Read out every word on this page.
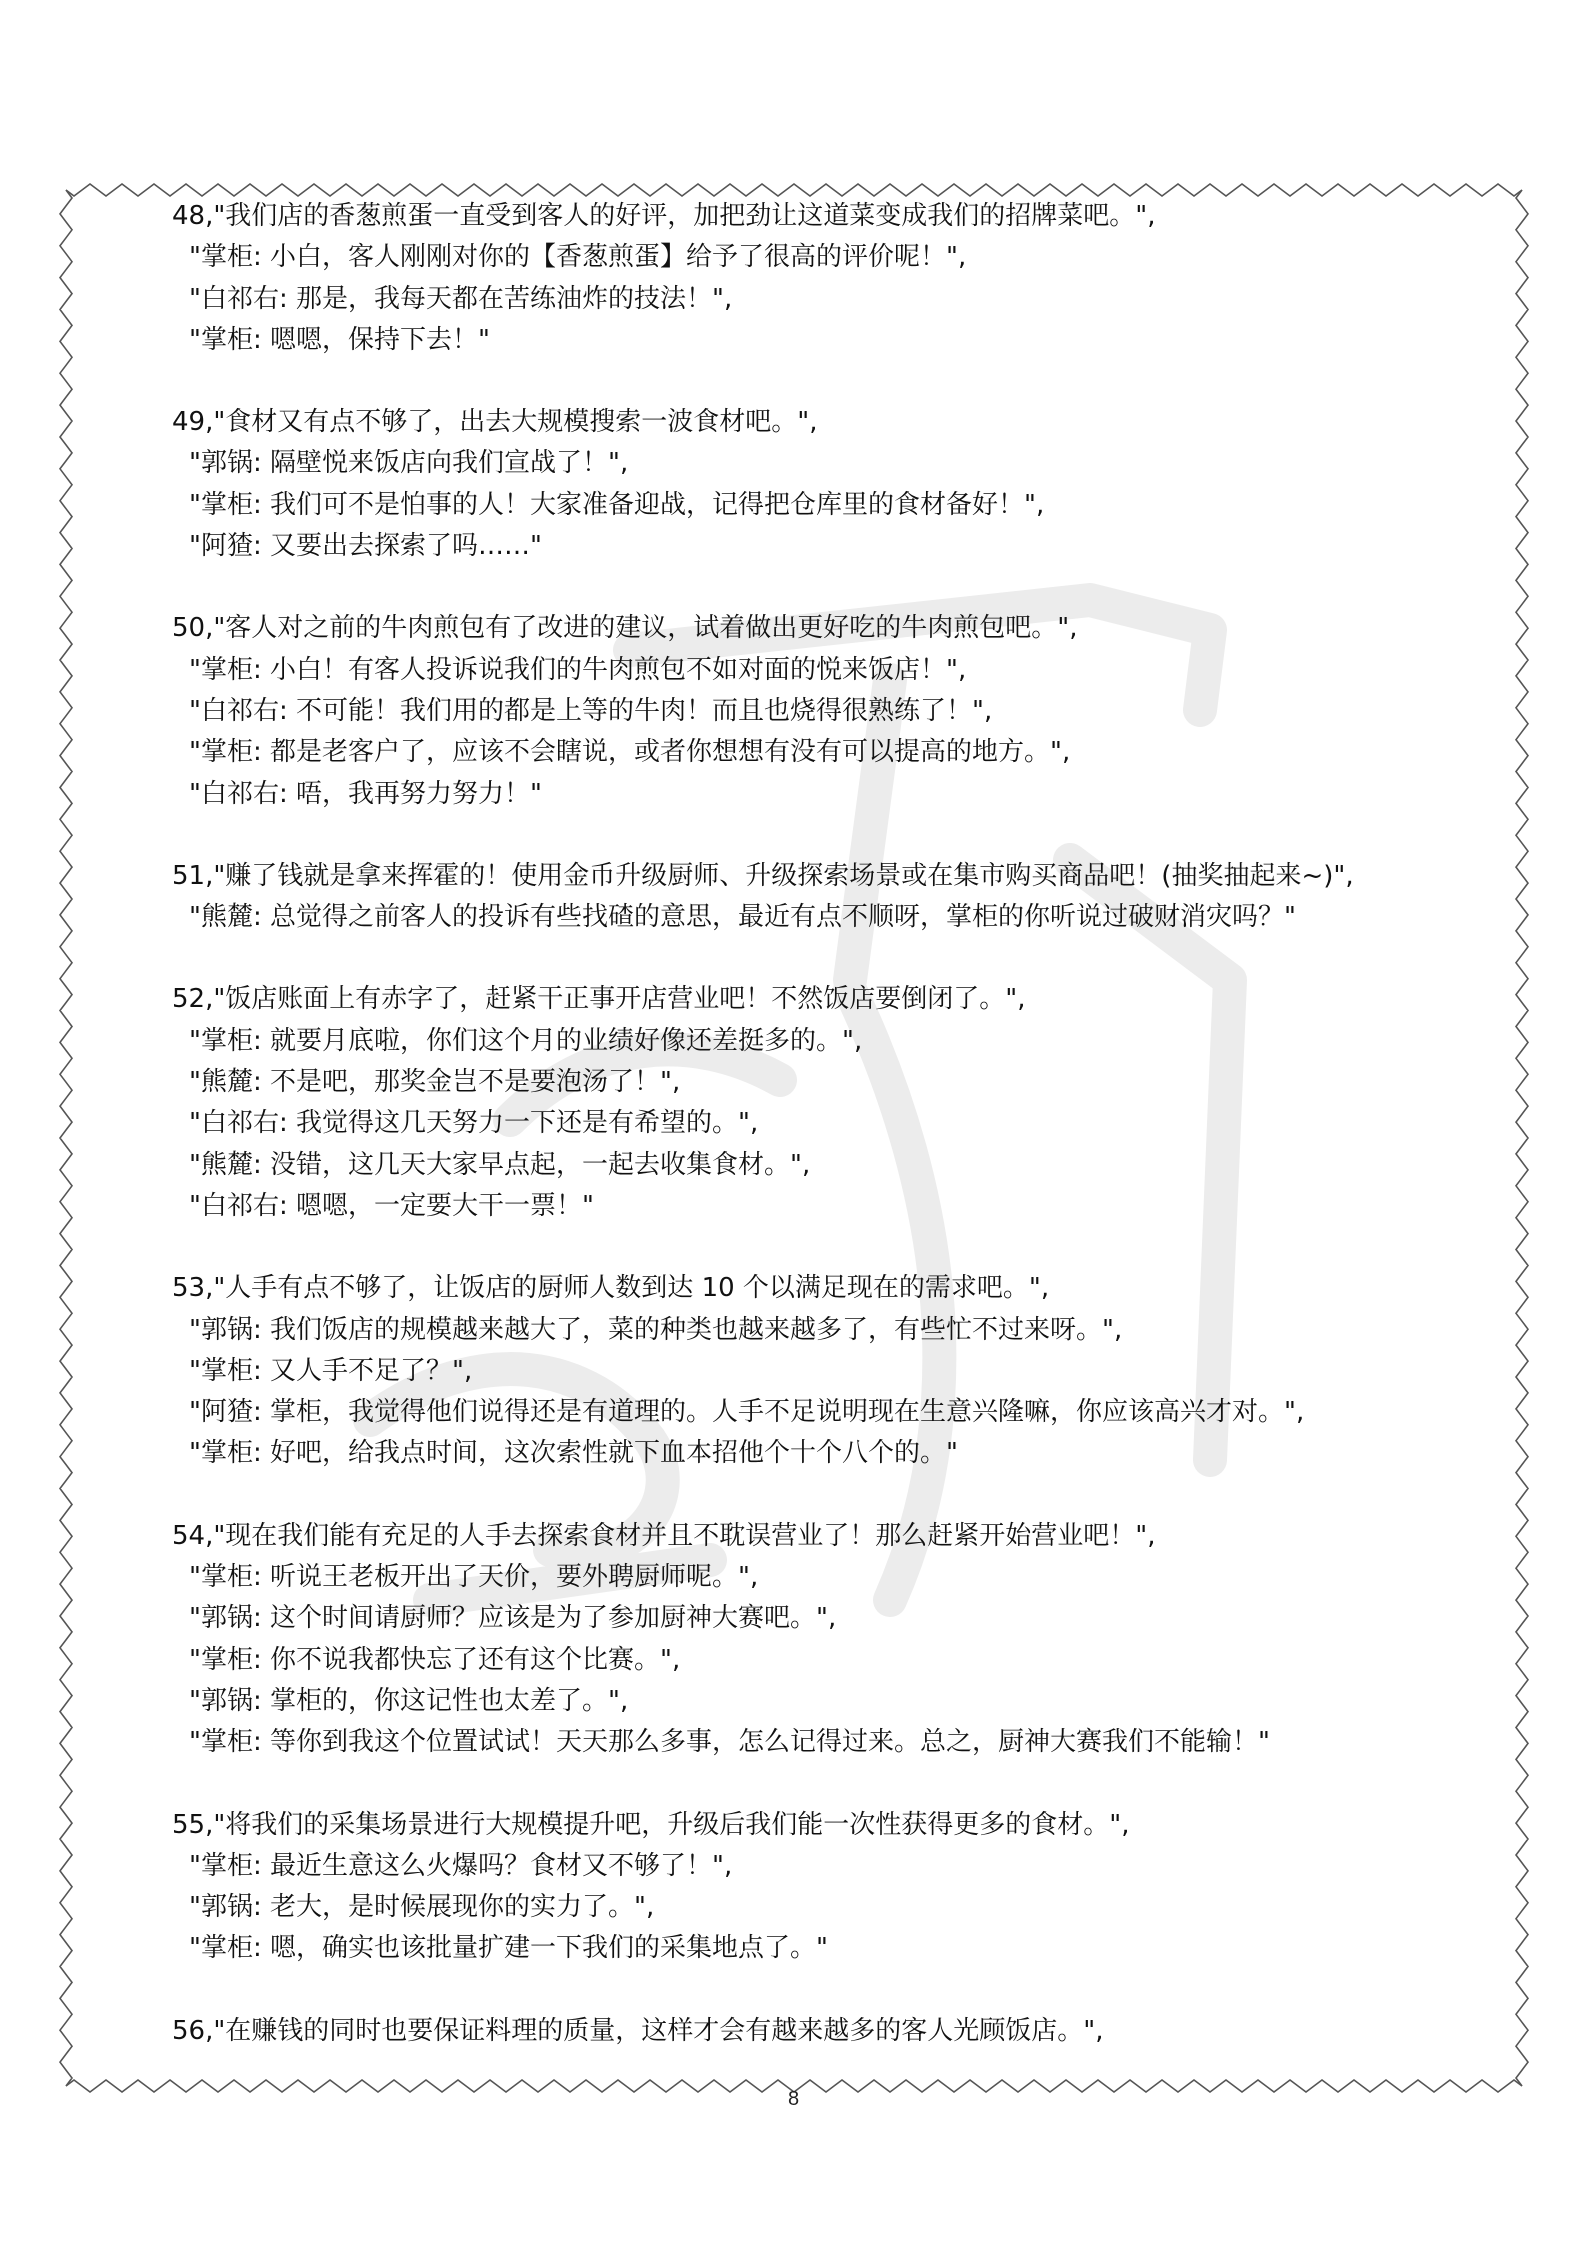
48,"我们店的香葱煎蛋一直受到客人的好评，加把劲让这道菜变成我们的招牌菜吧。",
"掌柜: 小白，客人刚刚对你的【香葱煎蛋】给予了很高的评价呢！",
"白祁右: 那是，我每天都在苦练油炸的技法！",
"掌柜: 嗯嗯，保持下去！"
49,"食材又有点不够了，出去大规模搜索一波食材吧。",
"郭锅: 隔壁悦来饭店向我们宣战了！",
"掌柜: 我们可不是怕事的人！大家准备迎战，记得把仓库里的食材备好！",
"阿猹: 又要出去探索了吗……"
50,"客人对之前的牛肉煎包有了改进的建议，试着做出更好吃的牛肉煎包吧。",
"掌柜: 小白！有客人投诉说我们的牛肉煎包不如对面的悦来饭店！",
"白祁右: 不可能！我们用的都是上等的牛肉！而且也烧得很熟练了！",
"掌柜: 都是老客户了，应该不会瞎说，或者你想想有没有可以提高的地方。",
"白祁右: 唔，我再努力努力！"
51,"赚了钱就是拿来挥霍的！使用金币升级厨师、升级探索场景或在集市购买商品吧！(抽奖抽起来~)",
"熊麓: 总觉得之前客人的投诉有些找碴的意思，最近有点不顺呀，掌柜的你听说过破财消灾吗？"
52,"饭店账面上有赤字了，赶紧干正事开店营业吧！不然饭店要倒闭了。",
"掌柜: 就要月底啦，你们这个月的业绩好像还差挺多的。",
"熊麓: 不是吧，那奖金岂不是要泡汤了！",
"白祁右: 我觉得这几天努力一下还是有希望的。",
"熊麓: 没错，这几天大家早点起，一起去收集食材。",
"白祁右: 嗯嗯，一定要大干一票！"
53,"人手有点不够了，让饭店的厨师人数到达 10 个以满足现在的需求吧。",
"郭锅: 我们饭店的规模越来越大了，菜的种类也越来越多了，有些忙不过来呀。",
"掌柜: 又人手不足了？",
"阿猹: 掌柜，我觉得他们说得还是有道理的。人手不足说明现在生意兴隆嘛，你应该高兴才对。",
"掌柜: 好吧，给我点时间，这次索性就下血本招他个十个八个的。"
54,"现在我们能有充足的人手去探索食材并且不耽误营业了！那么赶紧开始营业吧！",
"掌柜: 听说王老板开出了天价，要外聘厨师呢。",
"郭锅: 这个时间请厨师？应该是为了参加厨神大赛吧。",
"掌柜: 你不说我都快忘了还有这个比赛。",
"郭锅: 掌柜的，你这记性也太差了。",
"掌柜: 等你到我这个位置试试！天天那么多事，怎么记得过来。总之，厨神大赛我们不能输！"
55,"将我们的采集场景进行大规模提升吧，升级后我们能一次性获得更多的食材。",
"掌柜: 最近生意这么火爆吗？食材又不够了！",
"郭锅: 老大，是时候展现你的实力了。",
"掌柜: 嗯，确实也该批量扩建一下我们的采集地点了。"
56,"在赚钱的同时也要保证料理的质量，这样才会有越来越多的客人光顾饭店。",
8
